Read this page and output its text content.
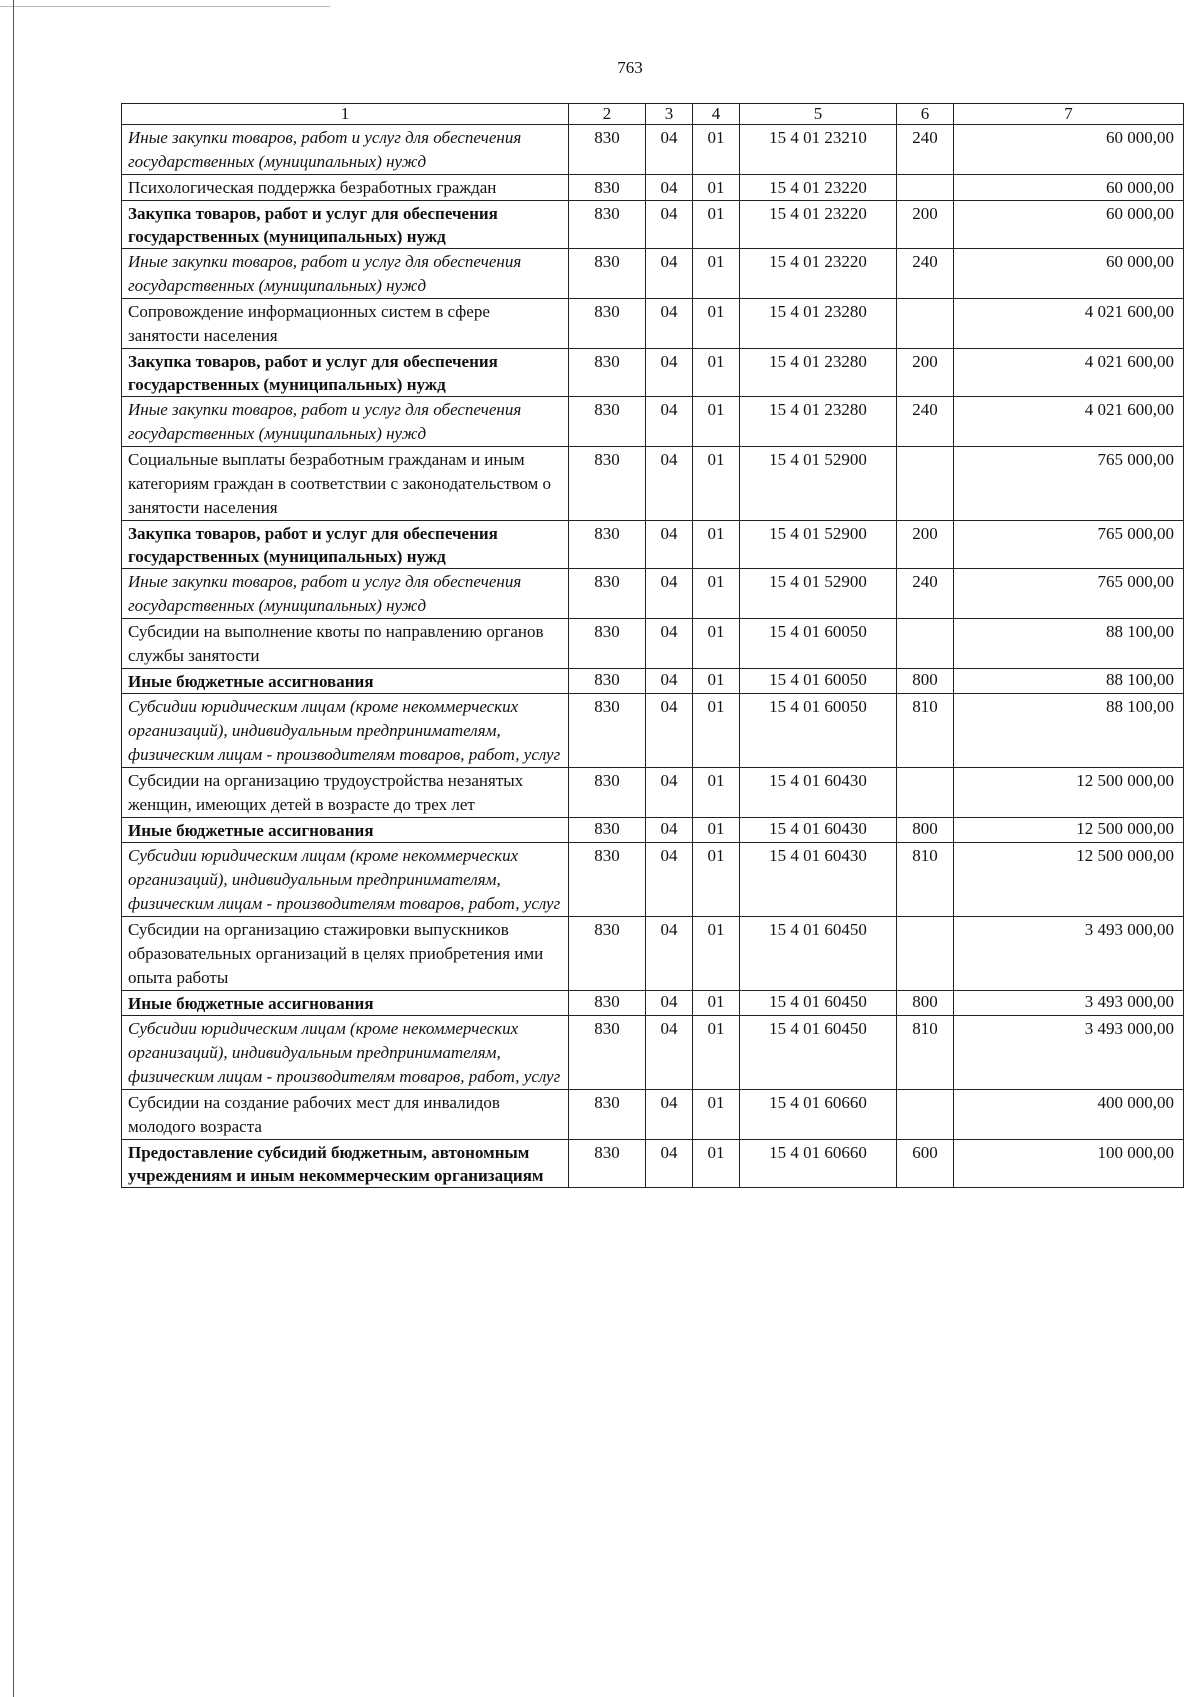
763
1	2	3	4	5	6	7
Иные закупки товаров, работ и услуг для обеспечения государственных (муниципальных) нужд	830	04	01	15 4 01 23210	240	60 000,00
Психологическая поддержка безработных граждан	830	04	01	15 4 01 23220		60 000,00
Закупка товаров, работ и услуг для обеспечения государственных (муниципальных) нужд	830	04	01	15 4 01 23220	200	60 000,00
Иные закупки товаров, работ и услуг для обеспечения государственных (муниципальных) нужд	830	04	01	15 4 01 23220	240	60 000,00
Сопровождение информационных систем в сфере занятости населения	830	04	01	15 4 01 23280		4 021 600,00
Закупка товаров, работ и услуг для обеспечения государственных (муниципальных) нужд	830	04	01	15 4 01 23280	200	4 021 600,00
Иные закупки товаров, работ и услуг для обеспечения государственных (муниципальных) нужд	830	04	01	15 4 01 23280	240	4 021 600,00
Социальные выплаты безработным гражданам и иным категориям граждан в соответствии с законодательством о занятости населения	830	04	01	15 4 01 52900		765 000,00
Закупка товаров, работ и услуг для обеспечения государственных (муниципальных) нужд	830	04	01	15 4 01 52900	200	765 000,00
Иные закупки товаров, работ и услуг для обеспечения государственных (муниципальных) нужд	830	04	01	15 4 01 52900	240	765 000,00
Субсидии на выполнение квоты по направлению органов службы занятости	830	04	01	15 4 01 60050		88 100,00
Иные бюджетные ассигнования	830	04	01	15 4 01 60050	800	88 100,00
Субсидии юридическим лицам (кроме некоммерческих организаций), индивидуальным предпринимателям, физическим лицам - производителям товаров, работ, услуг	830	04	01	15 4 01 60050	810	88 100,00
Субсидии на организацию трудоустройства незанятых женщин, имеющих детей в возрасте до трех лет	830	04	01	15 4 01 60430		12 500 000,00
Иные бюджетные ассигнования	830	04	01	15 4 01 60430	800	12 500 000,00
Субсидии юридическим лицам (кроме некоммерческих организаций), индивидуальным предпринимателям, физическим лицам - производителям товаров, работ, услуг	830	04	01	15 4 01 60430	810	12 500 000,00
Субсидии на организацию стажировки выпускников образовательных организаций в целях приобретения ими опыта работы	830	04	01	15 4 01 60450		3 493 000,00
Иные бюджетные ассигнования	830	04	01	15 4 01 60450	800	3 493 000,00
Субсидии юридическим лицам (кроме некоммерческих организаций), индивидуальным предпринимателям, физическим лицам - производителям товаров, работ, услуг	830	04	01	15 4 01 60450	810	3 493 000,00
Субсидии на создание рабочих мест для инвалидов молодого возраста	830	04	01	15 4 01 60660		400 000,00
Предоставление субсидий бюджетным, автономным учреждениям и иным некоммерческим организациям	830	04	01	15 4 01 60660	600	100 000,00
